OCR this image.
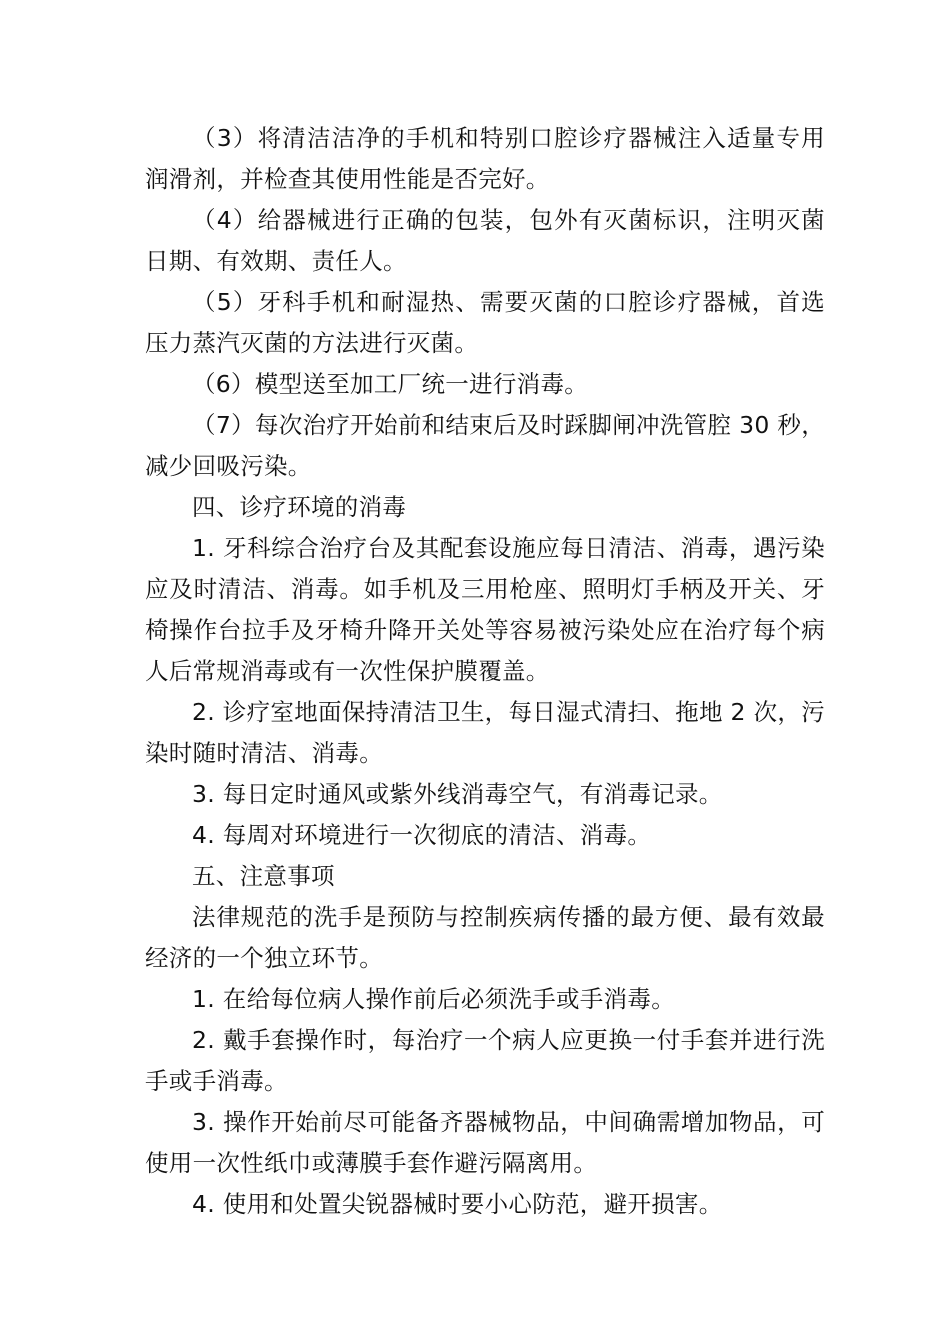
（3）将清洁洁净的手机和特别口腔诊疗器械注入适量专用润滑剂，并检查其使用性能是否完好。

（4）给器械进行正确的包装，包外有灭菌标识，注明灭菌日期、有效期、责任人。

（5）牙科手机和耐湿热、需要灭菌的口腔诊疗器械，首选压力蒸汽灭菌的方法进行灭菌。

（6）模型送至加工厂统一进行消毒。

（7）每次治疗开始前和结束后及时踩脚闸冲洗管腔 30 秒，减少回吸污染。

四、诊疗环境的消毒

1. 牙科综合治疗台及其配套设施应每日清洁、消毒，遇污染应及时清洁、消毒。如手机及三用枪座、照明灯手柄及开关、牙椅操作台拉手及牙椅升降开关处等容易被污染处应在治疗每个病人后常规消毒或有一次性保护膜覆盖。

2. 诊疗室地面保持清洁卫生，每日湿式清扫、拖地 2 次，污染时随时清洁、消毒。

3. 每日定时通风或紫外线消毒空气，有消毒记录。

4. 每周对环境进行一次彻底的清洁、消毒。

五、注意事项

法律规范的洗手是预防与控制疾病传播的最方便、最有效最经济的一个独立环节。

1. 在给每位病人操作前后必须洗手或手消毒。

2. 戴手套操作时，每治疗一个病人应更换一付手套并进行洗手或手消毒。

3. 操作开始前尽可能备齐器械物品，中间确需增加物品，可使用一次性纸巾或薄膜手套作避污隔离用。

4. 使用和处置尖锐器械时要小心防范，避开损害。
